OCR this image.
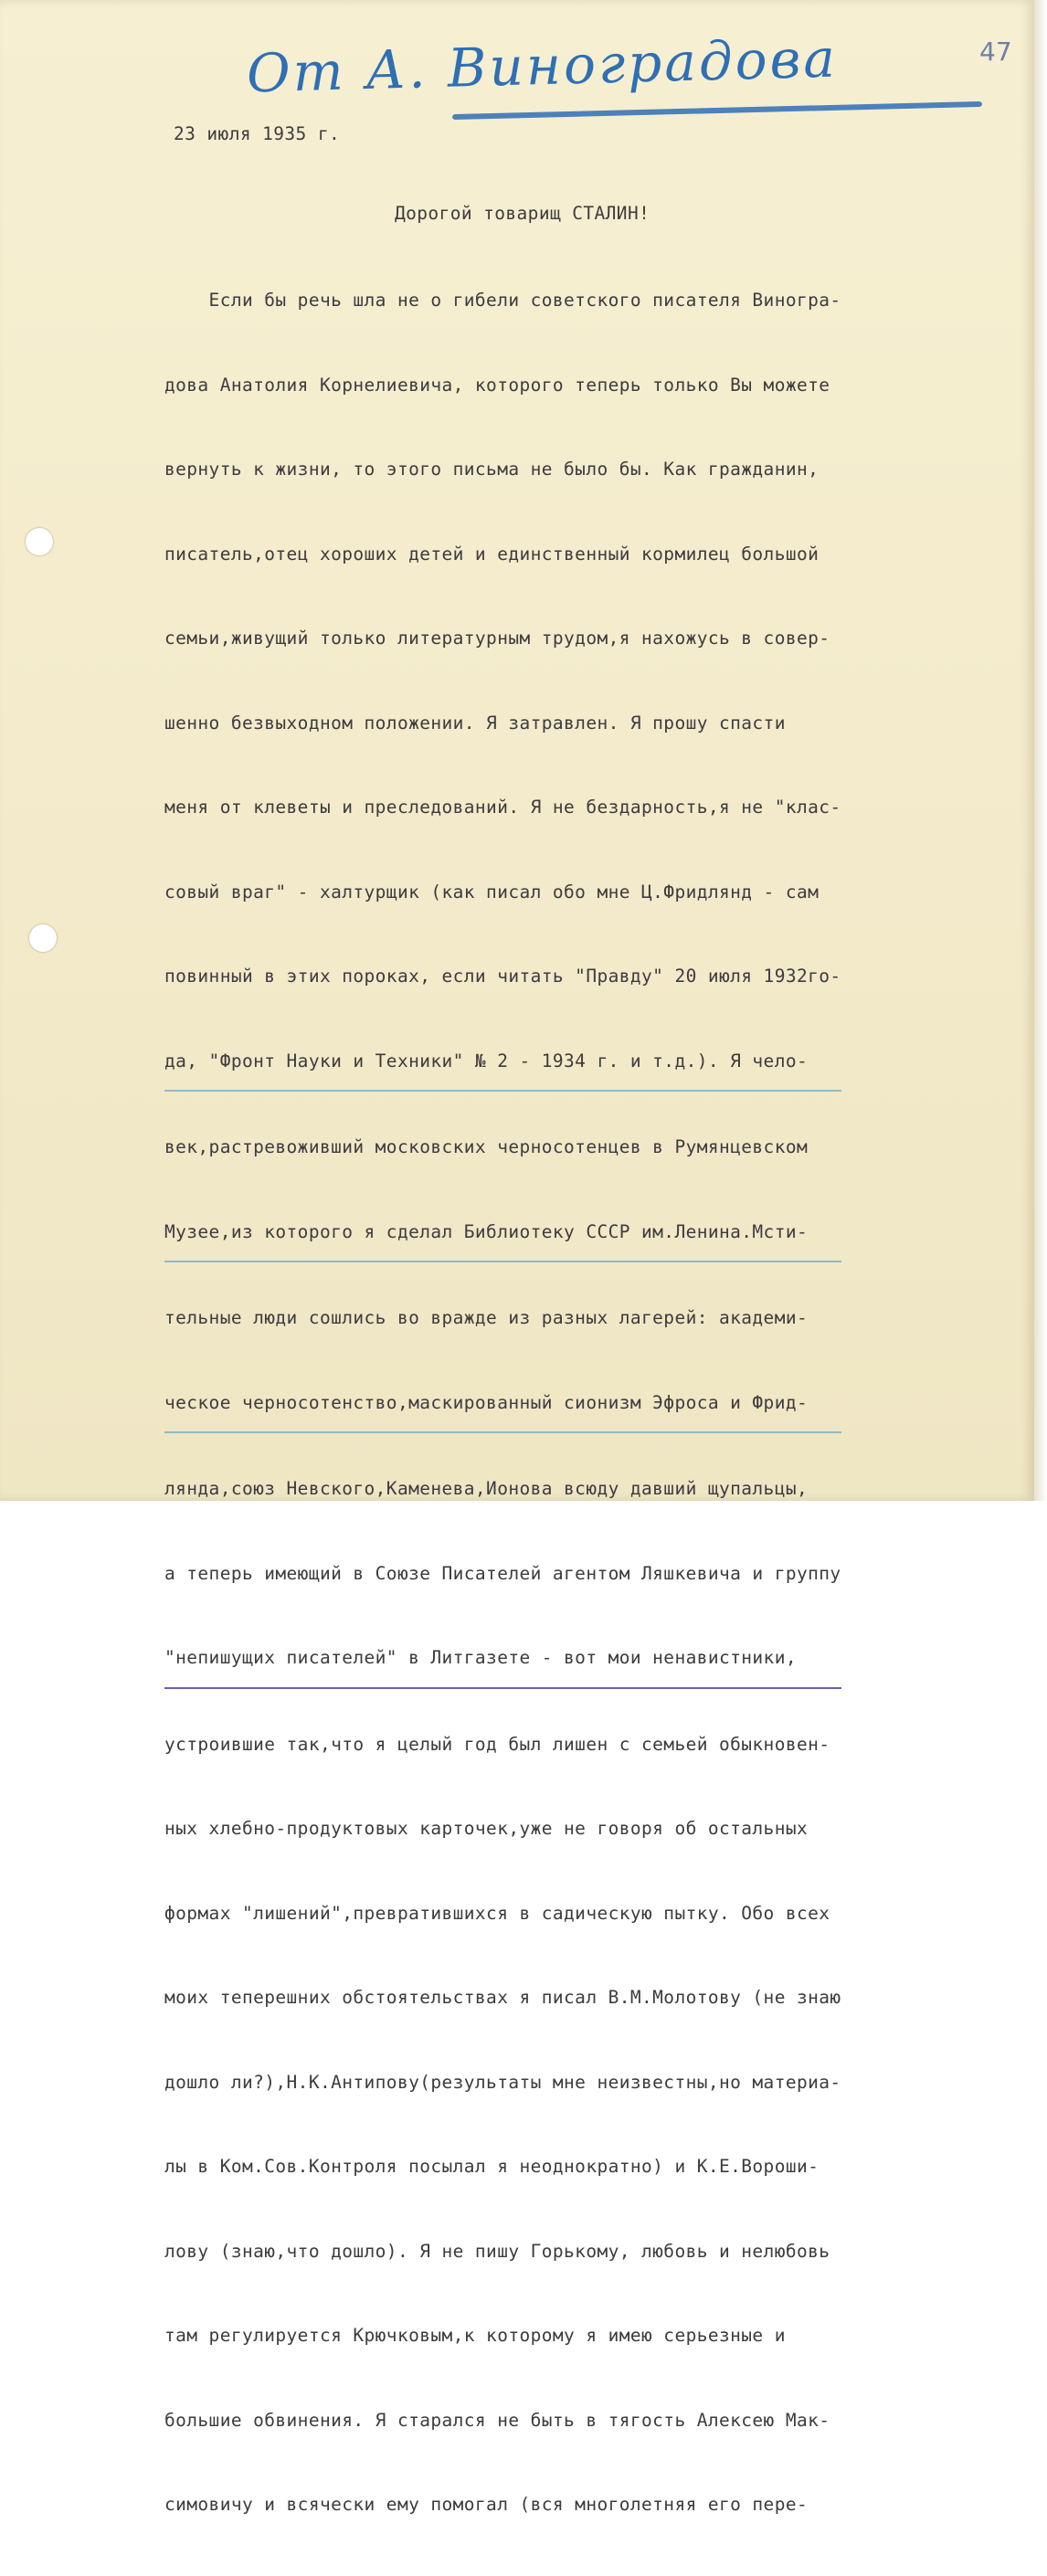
47
От А. Виноградова
23 июля 1935 г.
Дорогой товарищ СТАЛИН!

Если бы речь шла не о гибели советского писателя Виногра-

дова Анатолия Корнелиевича, которого теперь только Вы можете

вернуть к жизни, то этого письма не было бы. Как гражданин,

писатель,отец хороших детей и единственный кормилец большой

семьи,живущий только литературным трудом,я нахожусь в совер-

шенно безвыходном положении. Я затравлен. Я прошу спасти

меня от клеветы и преследований. Я не бездарность,я не "клас-

совый враг" - халтурщик (как писал обо мне Ц.Фридлянд - сам

повинный в этих пороках, если читать "Правду" 20 июля 1932го-

да, "Фронт Науки и Техники" № 2 - 1934 г. и т.д.). Я чело-

век,растревоживший московских черносотенцев в Румянцевском

Музее,из которого я сделал Библиотеку СССР им.Ленина.Мсти-

тельные люди сошлись во вражде из разных лагерей: академи-

ческое черносотенство,маскированный сионизм Эфроса и Фрид-

лянда,союз Невского,Каменева,Ионова всюду давший щупальцы,

а теперь имеющий в Союзе Писателей агентом Ляшкевича и группу

"непишущих писателей" в Литгазете - вот мои ненавистники,

устроившие так,что я целый год был лишен с семьей обыкновен-

ных хлебно-продуктовых карточек,уже не говоря об остальных

формах "лишений",превратившихся в садическую пытку. Обо всех

моих теперешних обстоятельствах я писал В.М.Молотову (не знаю

дошло ли?),Н.К.Антипову(результаты мне неизвестны,но материа-

лы в Ком.Сов.Контроля посылал я неоднократно) и К.Е.Вороши-

лову (знаю,что дошло). Я не пишу Горькому, любовь и нелюбовь

там регулируется Крючковым,к которому я имею серьезные и

большие обвинения. Я старался не быть в тягость Алексею Мак-

симовичу и всячески ему помогал (вся многолетняя его пере-
